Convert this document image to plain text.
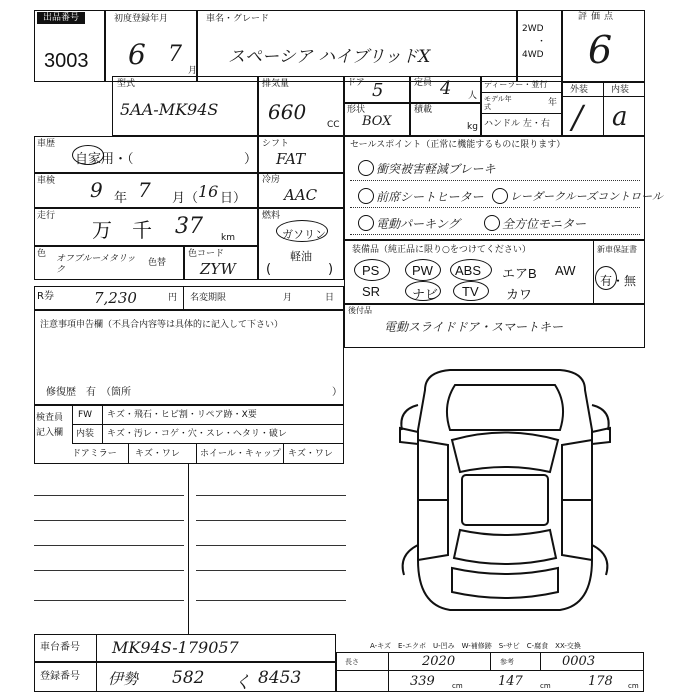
出品番号
3003
初度登録年月
6 7
月
車名・グレード
スペーシア ハイブリッドX
2WD
・
4WD
評価点
6
型式
5AA-MK94S
排気量
660
CC
ドア 5	定員 4 人
形状
BOX
積載
kg
ディーラー・並行
モデル年式	年
ハンドル 左・右
外装	内装
/ a
車歴
自家用・（	）
シフト
FAT
車検 9 年 7 月（ 16 日）
冷房
AAC
走行
万 千 37 km
燃料
ガソリン
軽油
(	)
色 オフブルーメタリック
色替
色コード
ZYW
R券	7,230	円 名変期限	月	日
注意事項申告欄（不具合内容等は具体的に記入して下さい）
修復歴　有　（箇所	）
検査員
記入欄
FW キズ・飛石・ヒビ割・リペア跡・X要
内装 キズ・汚レ・コゲ・穴・スレ・ヘタリ・破レ
ドアミラー キズ・ワレ ホイール・キャップ キズ・ワレ
セールスポイント（正常に機能するものに限ります）
衝突被害軽減ブレーキ
前席シートヒーター レーダークルーズコントロール
電動パーキング	全方位モニター
装備品（純正品に限り○をつけてください）	新車保証書
有・無
PS	PW ABS エアB AW
SR ナビ TV カワ
後付品
電動スライドドア・スマートキー
A-キズ　E-エクボ　U-凹み　W-補修跡　S-サビ　C-腐食　XX-交換
長さ	2020	参考	0003
339 cm	147 cm	178 cm
車台番号 MK94S-179057
登録番号 伊勢 582 く 8453
